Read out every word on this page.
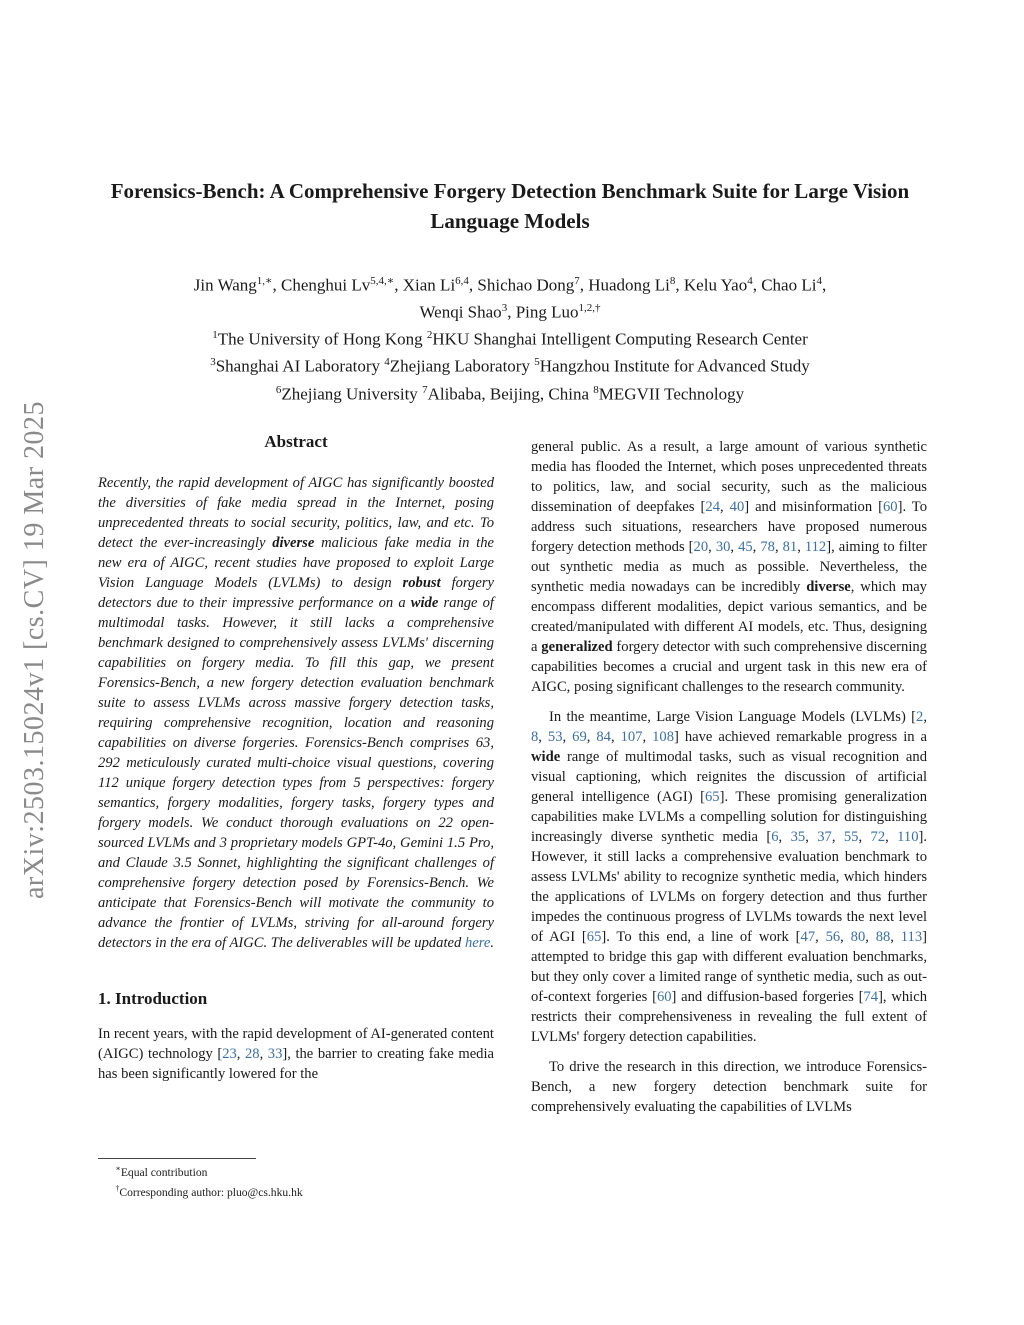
arXiv:2503.15024v1 [cs.CV] 19 Mar 2025
Forensics-Bench: A Comprehensive Forgery Detection Benchmark Suite for Large Vision Language Models
Jin Wang$^{1,∗}$, Chenghui $Lv^{5,4,∗}$, Xian Li$^{6,4}$, Shichao Dong$^7$, Huadong Li$^8$, Kelu Yao$^4$, Chao Li$^4$,
Wenqi Shao$^3$, Ping Luo$^{1,2,\dagger}$
$^1$The University of Hong Kong $^2$HKU Shanghai Intelligent Computing Research Center
$^3$Shanghai AI Laboratory $^4$Zhejiang Laboratory $^5$Hangzhou Institute for Advanced Study
$^6$Zhejiang University $^7$Alibaba, Beijing, China $^8$MEGVII Technology
Abstract

Recently, the rapid development of AIGC has significantly boosted the diversities of fake media spread in the Internet, posing unprecedented threats to social security, politics, law, and etc. To detect the ever-increasingly diverse malicious fake media in the new era of AIGC, recent studies have proposed to exploit Large Vision Language Models (LVLMs) to design robust forgery detectors due to their impressive performance on a wide range of multimodal tasks. However, it still lacks a comprehensive benchmark designed to comprehensively assess LVLMs' discerning capabilities on forgery media. To fill this gap, we present Forensics-Bench, a new forgery detection evaluation benchmark suite to assess LVLMs across massive forgery detection tasks, requiring comprehensive recognition, location and reasoning capabilities on diverse forgeries. Forensics-Bench comprises 63, 292 meticulously curated multi-choice visual questions, covering 112 unique forgery detection types from 5 perspectives: forgery semantics, forgery modalities, forgery tasks, forgery types and forgery models. We conduct thorough evaluations on 22 open-sourced LVLMs and 3 proprietary models GPT-4o, Gemini 1.5 Pro, and Claude 3.5 Sonnet, highlighting the significant challenges of comprehensive forgery detection posed by Forensics-Bench. We anticipate that Forensics-Bench will motivate the community to advance the frontier of LVLMs, striving for all-around forgery detectors in the era of AIGC. The deliverables will be updated here.

1. Introduction

In recent years, with the rapid development of AI-generated content (AIGC) technology [23, 28, 33], the barrier to creating fake media has been significantly lowered for the

∗Equal contribution
†Corresponding author: pluo@cs.hku.hk

general public. As a result, a large amount of various synthetic media has flooded the Internet, which poses unprecedented threats to politics, law, and social security, such as the malicious dissemination of deepfakes [24, 40] and misinformation [60]. To address such situations, researchers have proposed numerous forgery detection methods [20, 30, 45, 78, 81, 112], aiming to filter out synthetic media as much as possible. Nevertheless, the synthetic media nowadays can be incredibly diverse, which may encompass different modalities, depict various semantics, and be created/manipulated with different AI models, etc. Thus, designing a generalized forgery detector with such comprehensive discerning capabilities becomes a crucial and urgent task in this new era of AIGC, posing significant challenges to the research community.

In the meantime, Large Vision Language Models (LVLMs) [2, 8, 53, 69, 84, 107, 108] have achieved remarkable progress in a wide range of multimodal tasks, such as visual recognition and visual captioning, which reignites the discussion of artificial general intelligence (AGI) [65]. These promising generalization capabilities make LVLMs a compelling solution for distinguishing increasingly diverse synthetic media [6, 35, 37, 55, 72, 110]. However, it still lacks a comprehensive evaluation benchmark to assess LVLMs' ability to recognize synthetic media, which hinders the applications of LVLMs on forgery detection and thus further impedes the continuous progress of LVLMs towards the next level of AGI [65]. To this end, a line of work [47, 56, 80, 88, 113] attempted to bridge this gap with different evaluation benchmarks, but they only cover a limited range of synthetic media, such as out-of-context forgeries [60] and diffusion-based forgeries [74], which restricts their comprehensiveness in revealing the full extent of LVLMs' forgery detection capabilities.

To drive the research in this direction, we introduce Forensics-Bench, a new forgery detection benchmark suite for comprehensively evaluating the capabilities of LVLMs
